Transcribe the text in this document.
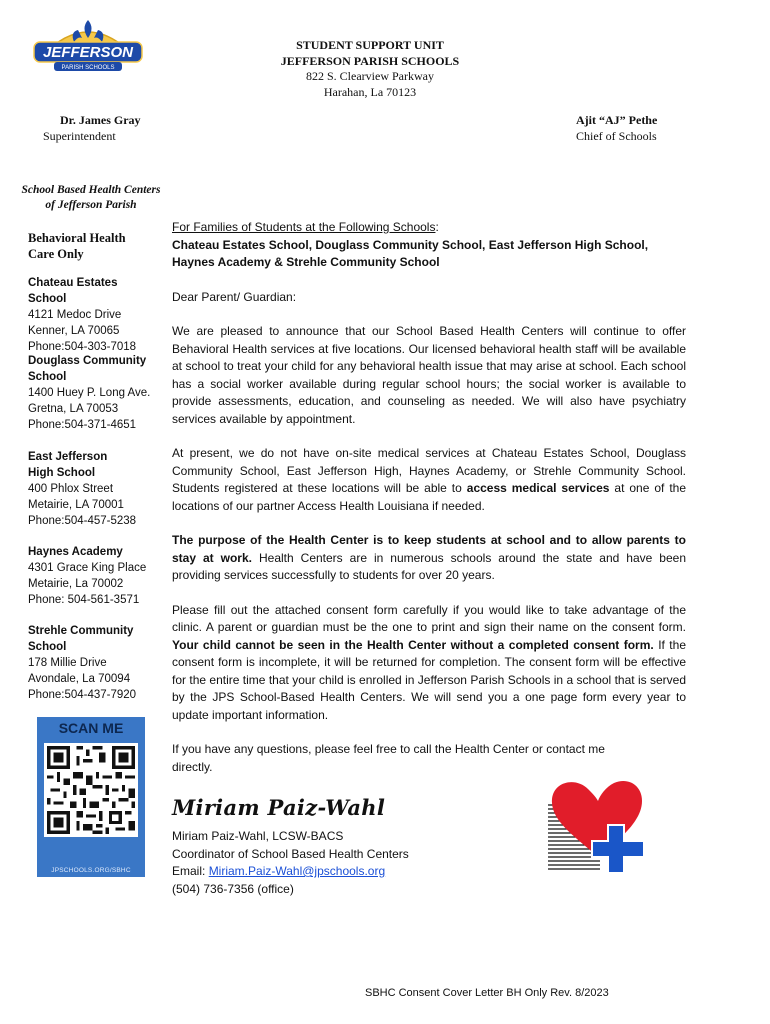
JEFFERSON
PARISH SCHOOLS
STUDENT SUPPORT UNIT
JEFFERSON PARISH SCHOOLS
822 S. Clearview Parkway
Harahan, La 70123
Dr. James Gray
Superintendent
Ajit “AJ” Pethe
Chief of Schools
School Based Health Centers
of Jefferson Parish
Behavioral Health
Care Only
Chateau Estates School
4121 Medoc Drive
Kenner, LA 70065
Phone:504-303-7018
Douglass Community
School
1400 Huey P. Long Ave.
Gretna, LA 70053
Phone:504-371-4651
East Jefferson
High School
400 Phlox Street
Metairie, LA 70001
Phone:504-457-5238
Haynes Academy
4301 Grace King Place
Metairie, La 70002
Phone: 504-561-3571
Strehle Community
School
178 Millie Drive
Avondale, La 70094
Phone:504-437-7920
SCAN ME
JPSCHOOLS.ORG/SBHC

For Families of Students at the Following Schools:

Chateau Estates School, Douglass Community School, East Jefferson High School, Haynes Academy & Strehle Community School

Dear Parent/ Guardian:

We are pleased to announce that our School Based Health Centers will continue to offer Behavioral Health services at five locations. Our licensed behavioral health staff will be available at school to treat your child for any behavioral health issue that may arise at school. Each school has a social worker available during regular school hours; the social worker is available to provide assessments, education, and counseling as needed. We will also have psychiatry services available by appointment.

At present, we do not have on-site medical services at Chateau Estates School, Douglass Community School, East Jefferson High, Haynes Academy, or Strehle Community School. Students registered at these locations will be able to access medical services at one of the locations of our partner Access Health Louisiana if needed.

The purpose of the Health Center is to keep students at school and to allow parents to stay at work. Health Centers are in numerous schools around the state and have been providing services successfully to students for over 20 years.

Please fill out the attached consent form carefully if you would like to take advantage of the clinic. A parent or guardian must be the one to print and sign their name on the consent form. Your child cannot be seen in the Health Center without a completed consent form. If the consent form is incomplete, it will be returned for completion. The consent form will be effective for the entire time that your child is enrolled in Jefferson Parish Schools in a school that is served by the JPS School-Based Health Centers. We will send you a one page form every year to update important information.

If you have any questions, please feel free to call the Health Center or contact me
directly.

Miriam Paiz-Wahl
Miriam Paiz-Wahl, LCSW-BACS
Coordinator of School Based Health Centers
Email: Miriam.Paiz-Wahl@jpschools.org
(504) 736-7356 (office)
SBHC Consent Cover Letter BH Only Rev. 8/2023
